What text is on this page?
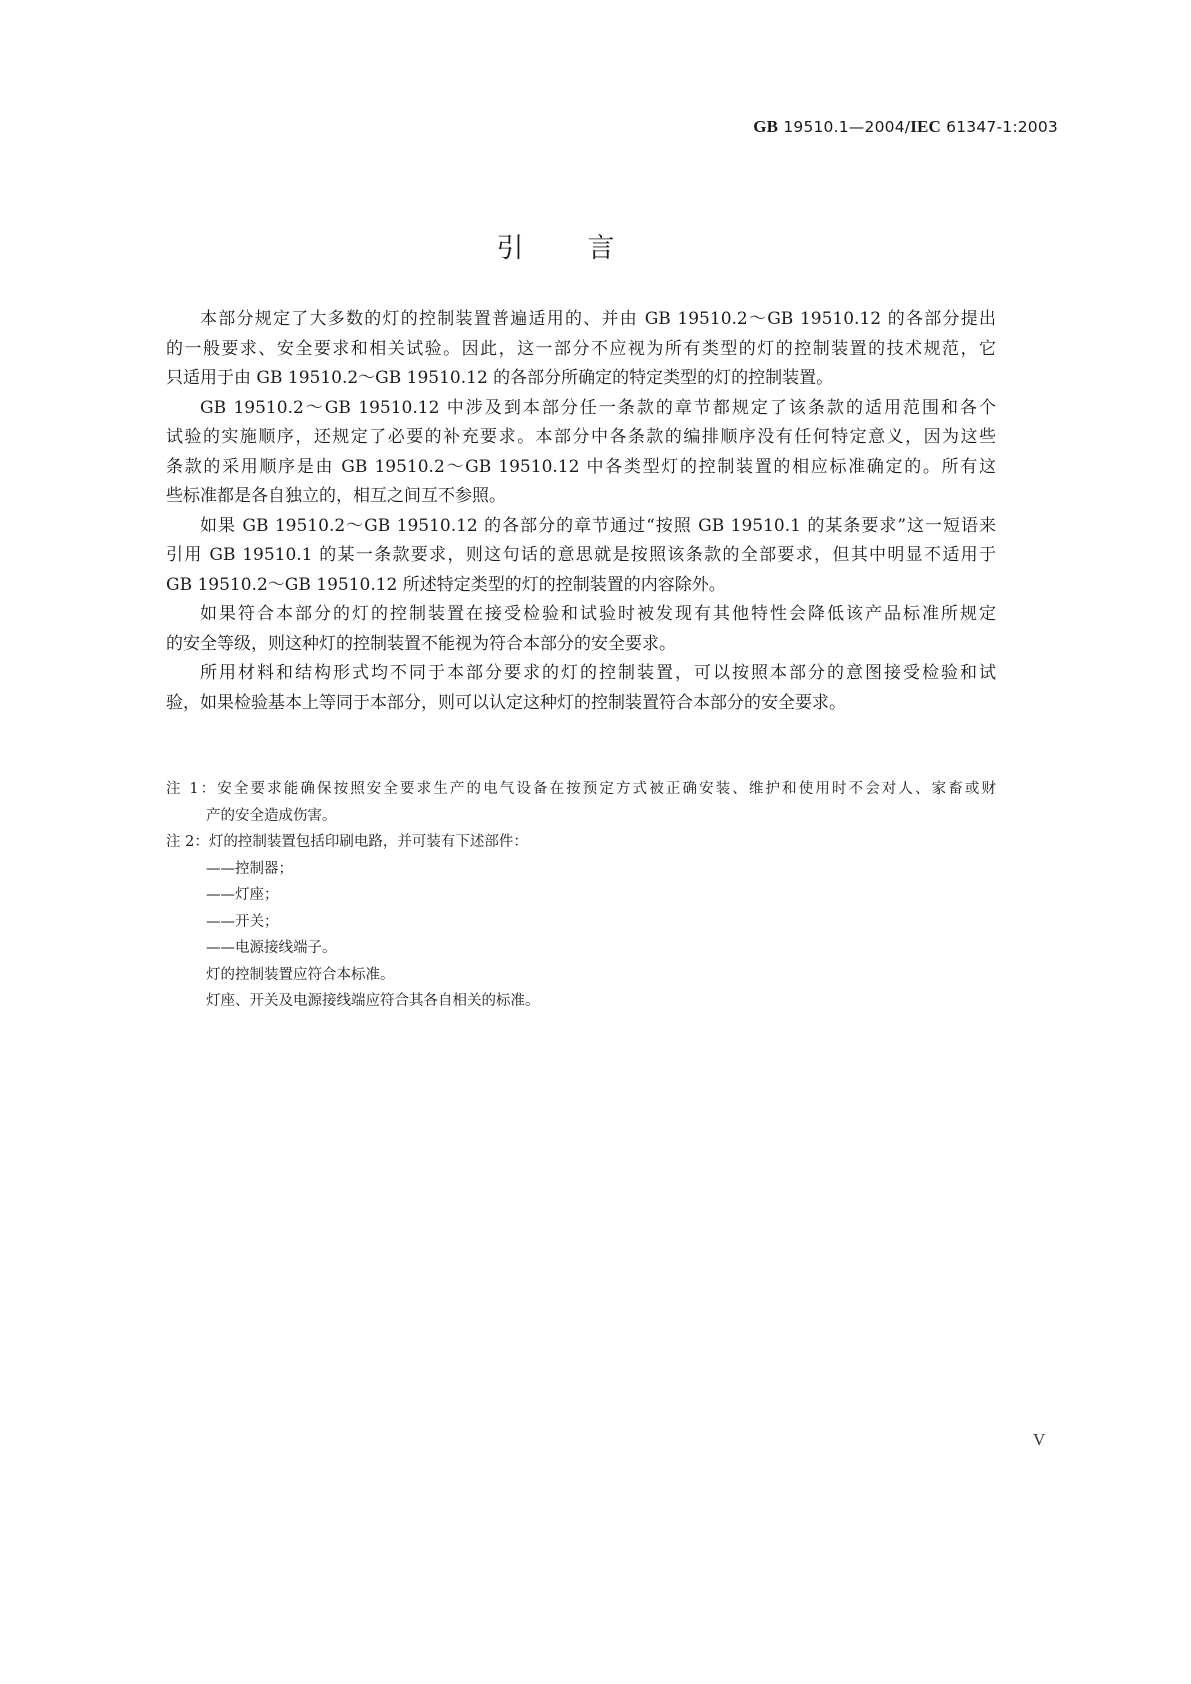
GB 19510.1—2004/IEC 61347-1:2003
引 言
本部分规定了大多数的灯的控制装置普遍适用的、并由 GB 19510.2～GB 19510.12 的各部分提出
的一般要求、安全要求和相关试验。因此，这一部分不应视为所有类型的灯的控制装置的技术规范，它
只适用于由 GB 19510.2～GB 19510.12 的各部分所确定的特定类型的灯的控制装置。
GB 19510.2～GB 19510.12 中涉及到本部分任一条款的章节都规定了该条款的适用范围和各个
试验的实施顺序，还规定了必要的补充要求。本部分中各条款的编排顺序没有任何特定意义，因为这些
条款的采用顺序是由 GB 19510.2～GB 19510.12 中各类型灯的控制装置的相应标准确定的。所有这
些标准都是各自独立的，相互之间互不参照。
如果 GB 19510.2～GB 19510.12 的各部分的章节通过“按照 GB 19510.1 的某条要求”这一短语来
引用 GB 19510.1 的某一条款要求，则这句话的意思就是按照该条款的全部要求，但其中明显不适用于
GB 19510.2～GB 19510.12 所述特定类型的灯的控制装置的内容除外。
如果符合本部分的灯的控制装置在接受检验和试验时被发现有其他特性会降低该产品标准所规定
的安全等级，则这种灯的控制装置不能视为符合本部分的安全要求。
所用材料和结构形式均不同于本部分要求的灯的控制装置，可以按照本部分的意图接受检验和试
验，如果检验基本上等同于本部分，则可以认定这种灯的控制装置符合本部分的安全要求。
注 1：安全要求能确保按照安全要求生产的电气设备在按预定方式被正确安装、维护和使用时不会对人、家畜或财
产的安全造成伤害。
注 2：灯的控制装置包括印刷电路，并可装有下述部件：
——控制器；
——灯座；
——开关；
——电源接线端子。
灯的控制装置应符合本标准。
灯座、开关及电源接线端应符合其各自相关的标准。
V
